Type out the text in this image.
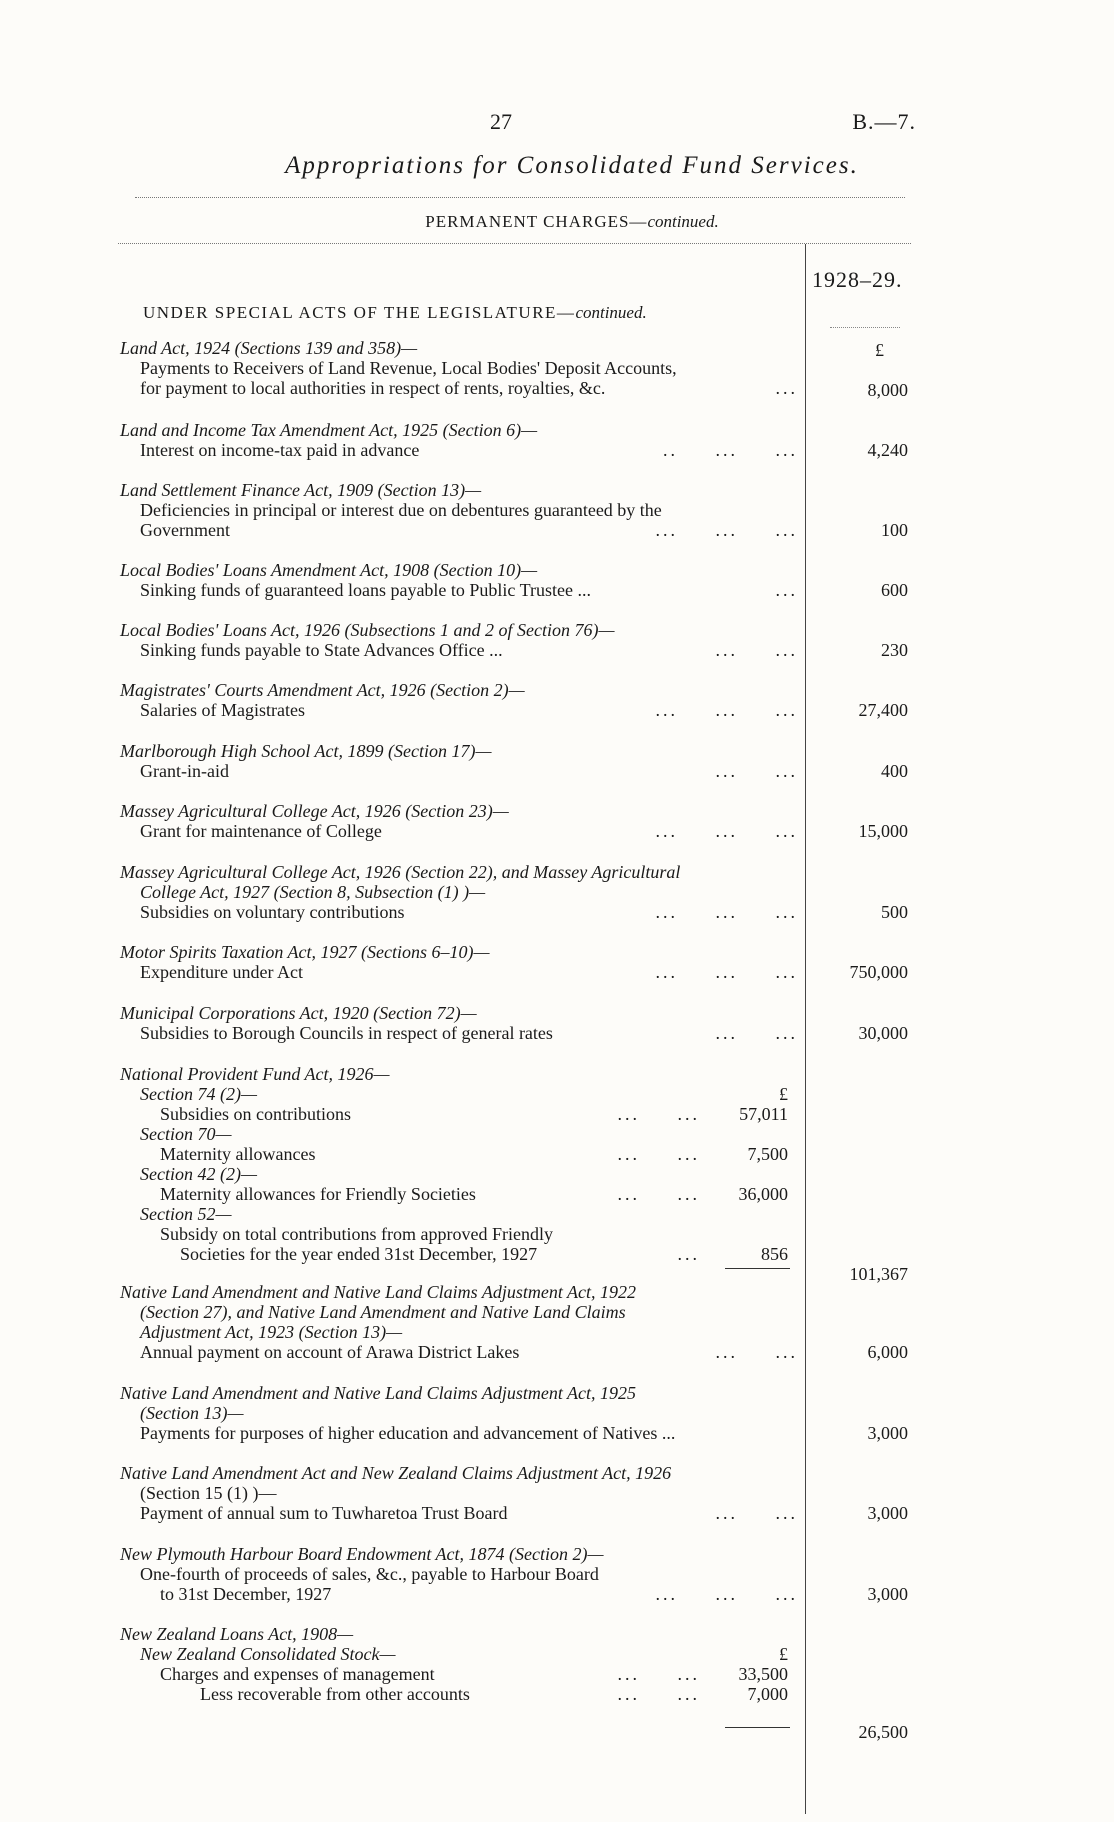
27	B.—7.
Appropriations for Consolidated Fund Services.
PERMANENT CHARGES—continued.
1928–29.
UNDER SPECIAL ACTS OF THE LEGISLATURE—continued.
£
Land Act, 1924 (Sections 139 and 358)—
Payments to Receivers of Land Revenue, Local Bodies' Deposit Accounts,
for payment to local authorities in respect of rents, royalties, &c.	...	8,000
Land and Income Tax Amendment Act, 1925 (Section 6)—
Interest on income-tax paid in advance	..     ...     ...	4,240
Land Settlement Finance Act, 1909 (Section 13)—
Deficiencies in principal or interest due on debentures guaranteed by the
Government	...     ...     ...	100
Local Bodies' Loans Amendment Act, 1908 (Section 10)—
Sinking funds of guaranteed loans payable to Public Trustee ...	...	600
Local Bodies' Loans Act, 1926 (Subsections 1 and 2 of Section 76)—
Sinking funds payable to State Advances Office ...	...     ...	230
Magistrates' Courts Amendment Act, 1926 (Section 2)—
Salaries of Magistrates	...     ...     ...	27,400
Marlborough High School Act, 1899 (Section 17)—
Grant-in-aid	...     ...	400
Massey Agricultural College Act, 1926 (Section 23)—
Grant for maintenance of College	...     ...     ...	15,000
Massey Agricultural College Act, 1926 (Section 22), and Massey Agricultural
College Act, 1927 (Section 8, Subsection (1) )—
Subsidies on voluntary contributions	...     ...     ...	500
Motor Spirits Taxation Act, 1927 (Sections 6–10)—
Expenditure under Act	...     ...     ...	750,000
Municipal Corporations Act, 1920 (Section 72)—
Subsidies to Borough Councils in respect of general rates	...     ...	30,000
National Provident Fund Act, 1926—
Section 74 (2)—	£
Subsidies on contributions	...     ... 57,011
Section 70—
Maternity allowances	...     ...	7,500
Section 42 (2)—
Maternity allowances for Friendly Societies	...     ... 36,000
Section 52—
Subsidy on total contributions from approved Friendly
Societies for the year ended 31st December, 1927	...	856
101,367
Native Land Amendment and Native Land Claims Adjustment Act, 1922
(Section 27), and Native Land Amendment and Native Land Claims
Adjustment Act, 1923 (Section 13)—
Annual payment on account of Arawa District Lakes	...     ...	6,000
Native Land Amendment and Native Land Claims Adjustment Act, 1925
(Section 13)—
Payments for purposes of higher education and advancement of Natives ...	3,000
Native Land Amendment Act and New Zealand Claims Adjustment Act, 1926
(Section 15 (1) )—
Payment of annual sum to Tuwharetoa Trust Board	...     ...	3,000
New Plymouth Harbour Board Endowment Act, 1874 (Section 2)—
One-fourth of proceeds of sales, &c., payable to Harbour Board
to 31st December, 1927	...     ...     ...	3,000
New Zealand Loans Act, 1908—
New Zealand Consolidated Stock—	£
Charges and expenses of management	...     ... 33,500
Less recoverable from other accounts	...     ...	7,000
26,500
